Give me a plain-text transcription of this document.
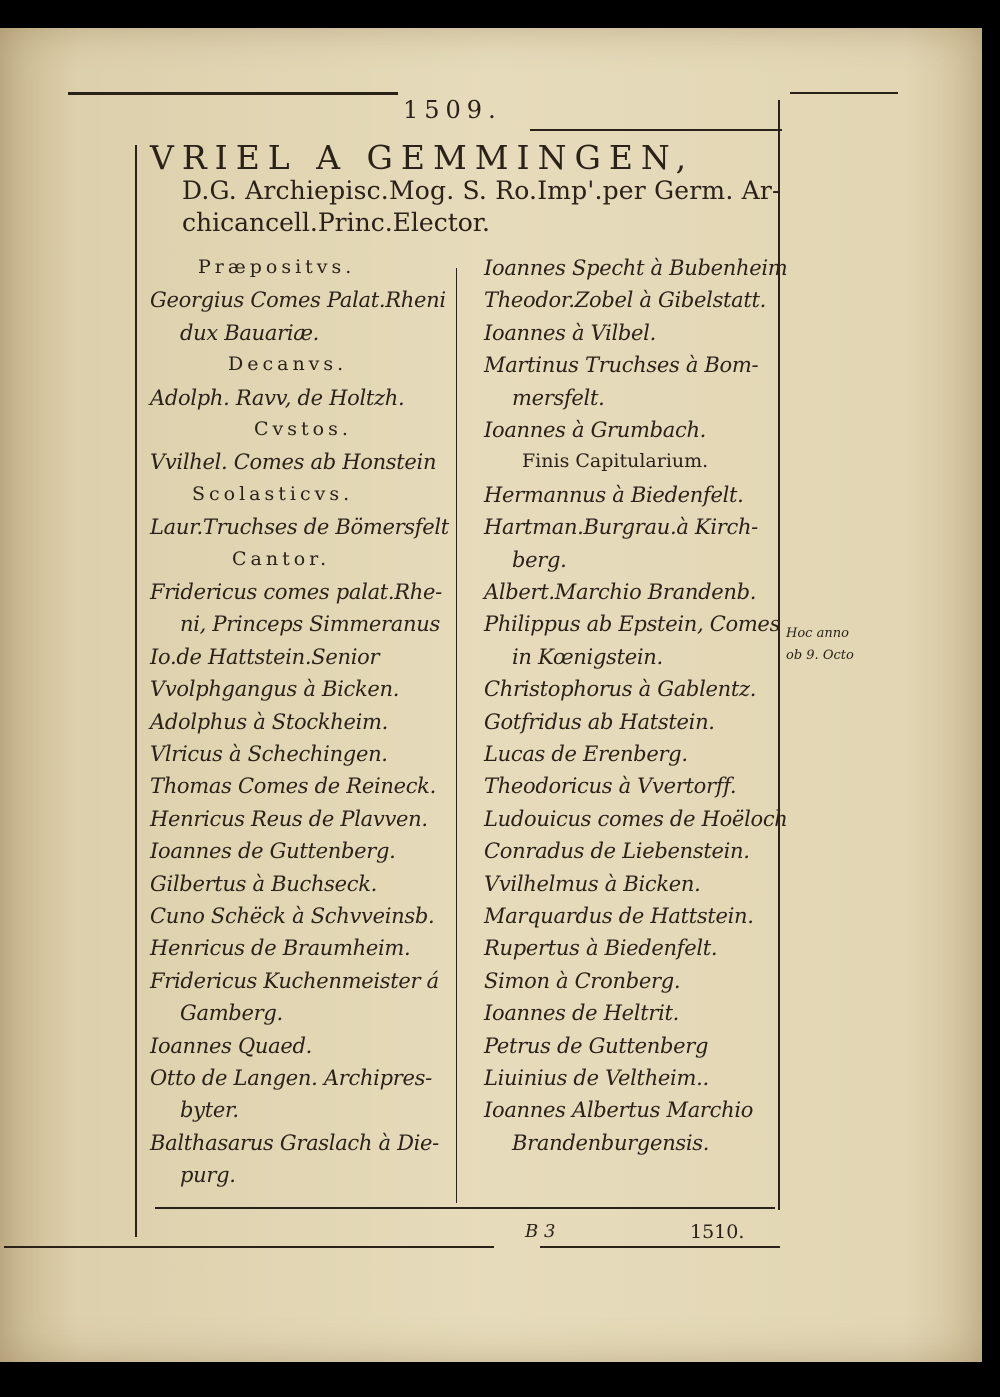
1509.
VRIEL A GEMMINGEN,
D.G. Archiepisc.Mog. S. Ro.Imp'.per Germ. Ar-
chicancell.Princ.Elector.
Præpositvs.
Georgius Comes Palat.Rheni
dux Bauariæ.
Decanvs.
Adolph. Ravv, de Holtzh.
Cvstos.
Vvilhel. Comes ab Honstein
Scolasticvs.
Laur.Truchses de Bömersfelt
Cantor.
Fridericus comes palat.Rhe-
ni, Princeps Simmeranus
Io.de Hattstein.Senior
Vvolphgangus à Bicken.
Adolphus à Stockheim.
Vlricus à Schechingen.
Thomas Comes de Reineck.
Henricus Reus de Plavven.
Ioannes de Guttenberg.
Gilbertus à Buchseck.
Cuno Schëck à Schvveinsb.
Henricus de Braumheim.
Fridericus Kuchenmeister á
Gamberg.
Ioannes Quaed.
Otto de Langen. Archipres-
byter.
Balthasarus Graslach à Die-
purg.
Ioannes Specht à Bubenheim
Theodor.Zobel à Gibelstatt.
Ioannes à Vilbel.
Martinus Truchses à Bom-
mersfelt.
Ioannes à Grumbach.
Finis Capitularium.
Hermannus à Biedenfelt.
Hartman.Burgrau.à Kirch-
berg.
Albert.Marchio Brandenb.
Philippus ab Epstein, Comes
in Kœnigstein.
Christophorus à Gablentz.
Gotfridus ab Hatstein.
Lucas de Erenberg.
Theodoricus à Vvertorff.
Ludouicus comes de Hoëloch
Conradus de Liebenstein.
Vvilhelmus à Bicken.
Marquardus de Hattstein.
Rupertus à Biedenfelt.
Simon à Cronberg.
Ioannes de Heltrit.
Petrus de Guttenberg
Liuinius de Veltheim..
Ioannes Albertus Marchio
Brandenburgensis.
Hoc anno
ob 9. Octo
B 3	1510.
